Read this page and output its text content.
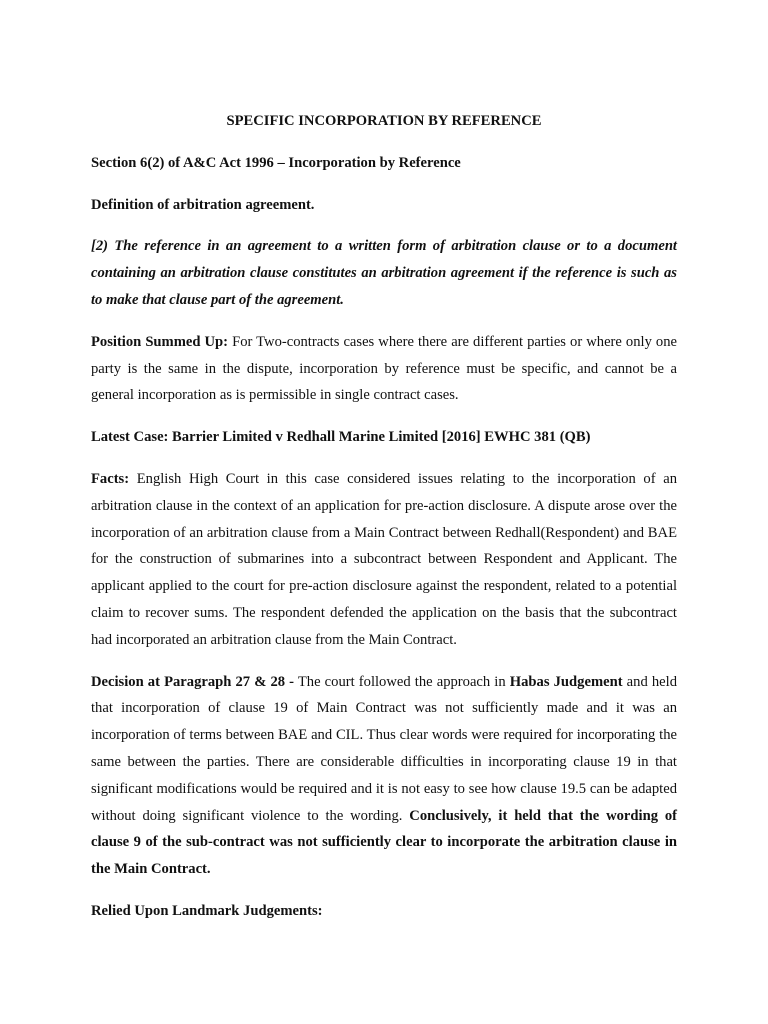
SPECIFIC INCORPORATION BY REFERENCE

Section 6(2) of A&C Act 1996 – Incorporation by Reference

Definition of arbitration agreement.

[2) The reference in an agreement to a written form of arbitration clause or to a document containing an arbitration clause constitutes an arbitration agreement if the reference is such as to make that clause part of the agreement.

Position Summed Up: For Two-contracts cases where there are different parties or where only one party is the same in the dispute, incorporation by reference must be specific, and cannot be a general incorporation as is permissible in single contract cases.

Latest Case: Barrier Limited v Redhall Marine Limited [2016] EWHC 381 (QB)

Facts: English High Court in this case considered issues relating to the incorporation of an arbitration clause in the context of an application for pre-action disclosure. A dispute arose over the incorporation of an arbitration clause from a Main Contract between Redhall(Respondent) and BAE for the construction of submarines into a subcontract between Respondent and Applicant. The applicant applied to the court for pre-action disclosure against the respondent, related to a potential claim to recover sums. The respondent defended the application on the basis that the subcontract had incorporated an arbitration clause from the Main Contract.

Decision at Paragraph 27 & 28 - The court followed the approach in Habas Judgement and held that incorporation of clause 19 of Main Contract was not sufficiently made and it was an incorporation of terms between BAE and CIL. Thus clear words were required for incorporating the same between the parties. There are considerable difficulties in incorporating clause 19 in that significant modifications would be required and it is not easy to see how clause 19.5 can be adapted without doing significant violence to the wording. Conclusively, it held that the wording of clause 9 of the sub-contract was not sufficiently clear to incorporate the arbitration clause in the Main Contract.

Relied Upon Landmark Judgements:
